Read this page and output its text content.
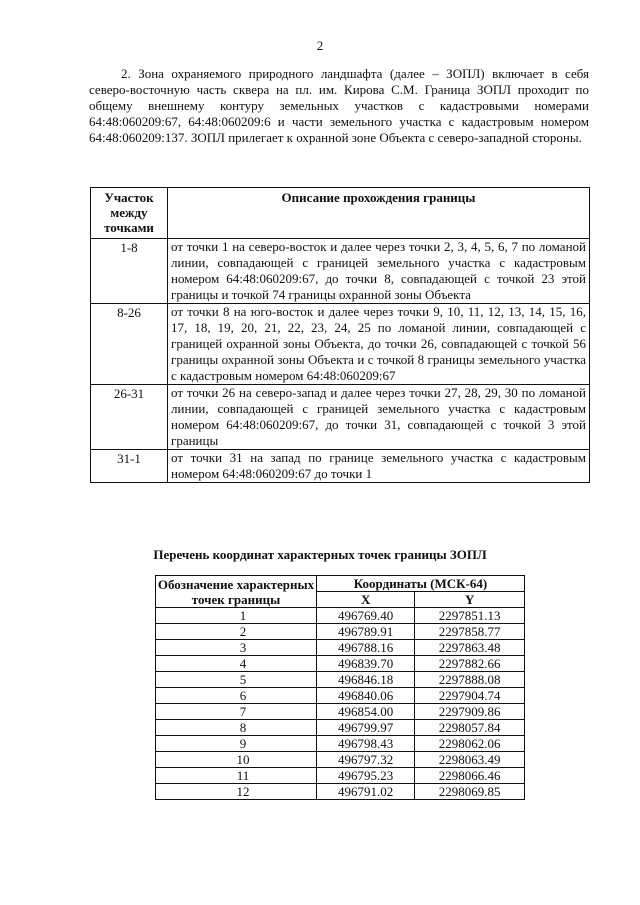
2

2. Зона охраняемого природного ландшафта (далее – ЗОПЛ) включает в себя северо-восточную часть сквера на пл. им. Кирова С.М. Граница ЗОПЛ проходит по общему внешнему контуру земельных участков с кадастровыми номерами 64:48:060209:67, 64:48:060209:6 и части земельного участка с кадастровым номером 64:48:060209:137. ЗОПЛ прилегает к охранной зоне Объекта с северо-западной стороны.

Участок между точками	Описание прохождения границы
1-8	от точки 1 на северо-восток и далее через точки 2, 3, 4, 5, 6, 7 по ломаной линии, совпадающей с границей земельного участка с кадастровым номером 64:48:060209:67, до точки 8, совпадающей с точкой 23 этой границы и точкой 74 границы охранной зоны Объекта
8-26	от точки 8 на юго-восток и далее через точки 9, 10, 11, 12, 13, 14, 15, 16, 17, 18, 19, 20, 21, 22, 23, 24, 25 по ломаной линии, совпадающей с границей охранной зоны Объекта, до точки 26, совпадающей с точкой 56 границы охранной зоны Объекта и с точкой 8 границы земельного участка с кадастровым номером 64:48:060209:67
26-31	от точки 26 на северо-запад и далее через точки 27, 28, 29, 30 по ломаной линии, совпадающей с границей земельного участка с кадастровым номером 64:48:060209:67, до точки 31, совпадающей с точкой 3 этой границы
31-1	от точки 31 на запад по границе земельного участка с кадастровым номером 64:48:060209:67 до точки 1
Перечень координат характерных точек границы ЗОПЛ
Обозначение характерных точек границы	Координаты (МСК-64)	
	X	Y
1	496769.40	2297851.13
2	496789.91	2297858.77
3	496788.16	2297863.48
4	496839.70	2297882.66
5	496846.18	2297888.08
6	496840.06	2297904.74
7	496854.00	2297909.86
8	496799.97	2298057.84
9	496798.43	2298062.06
10	496797.32	2298063.49
11	496795.23	2298066.46
12	496791.02	2298069.85
